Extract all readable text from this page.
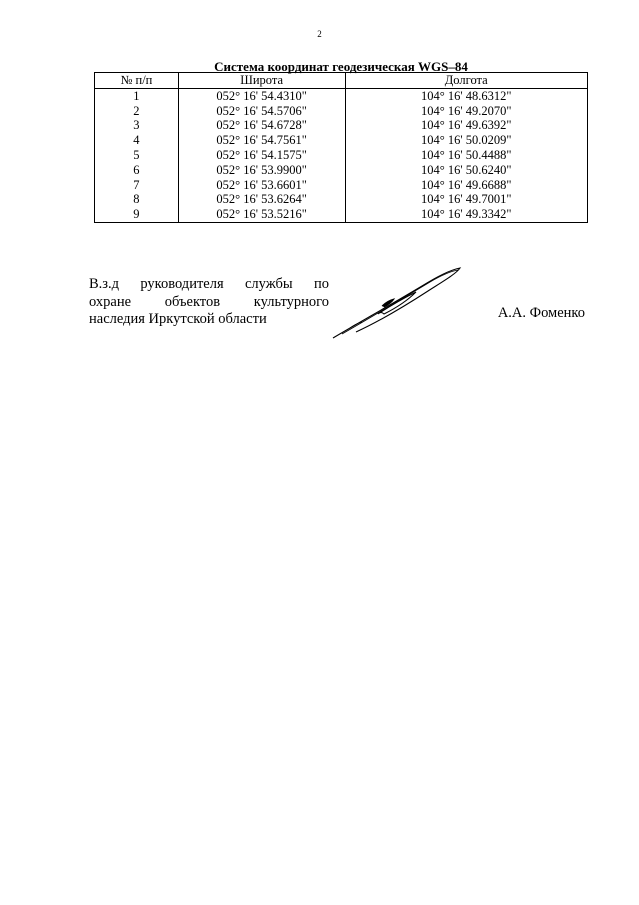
2
Система координат геодезическая WGS–84
№ п/п	Широта	Долгота
1	052° 16' 54.4310"	104° 16' 48.6312"
2	052° 16' 54.5706"	104° 16' 49.2070"
3	052° 16' 54.6728"	104° 16' 49.6392"
4	052° 16' 54.7561"	104° 16' 50.0209"
5	052° 16' 54.1575"	104° 16' 50.4488"
6	052° 16' 53.9900"	104° 16' 50.6240"
7	052° 16' 53.6601"	104° 16' 49.6688"
8	052° 16' 53.6264"	104° 16' 49.7001"
9	052° 16' 53.5216"	104° 16' 49.3342"
В.з.д руководителя службы по
охране объектов культурного
наследия Иркутской области	А.А. Фоменко
